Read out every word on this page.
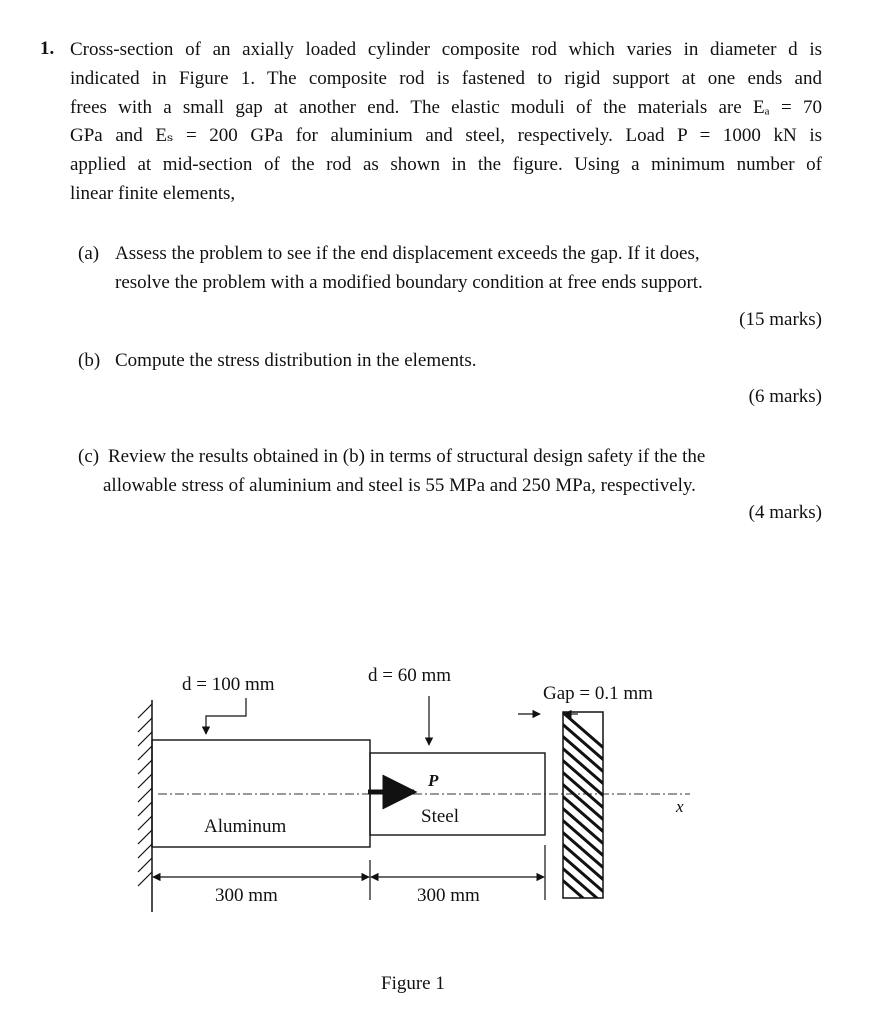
1. Cross-section of an axially loaded cylinder composite rod which varies in diameter d is
indicated in Figure 1. The composite rod is fastened to rigid support at one ends and
frees with a small gap at another end. The elastic moduli of the materials are Eₐ = 70
GPa and Eₛ = 200 GPa for aluminium and steel, respectively. Load P = 1000 kN is
applied at mid-section of the rod as shown in the figure. Using a minimum number of
linear finite elements,
(a) Assess the problem to see if the end displacement exceeds the gap. If it does,
resolve the problem with a modified boundary condition at free ends support.
(15 marks)
(b) Compute the stress distribution in the elements.
(6 marks)
(c) Review the results obtained in (b) in terms of structural design safety if the the
allowable stress of aluminium and steel is 55 MPa and 250 MPa, respectively.
(4 marks)
d = 100 mm	d = 60 mm
Gap = 0.1 mm
P
Aluminum	Steel	x
300 mm	300 mm
Figure 1
